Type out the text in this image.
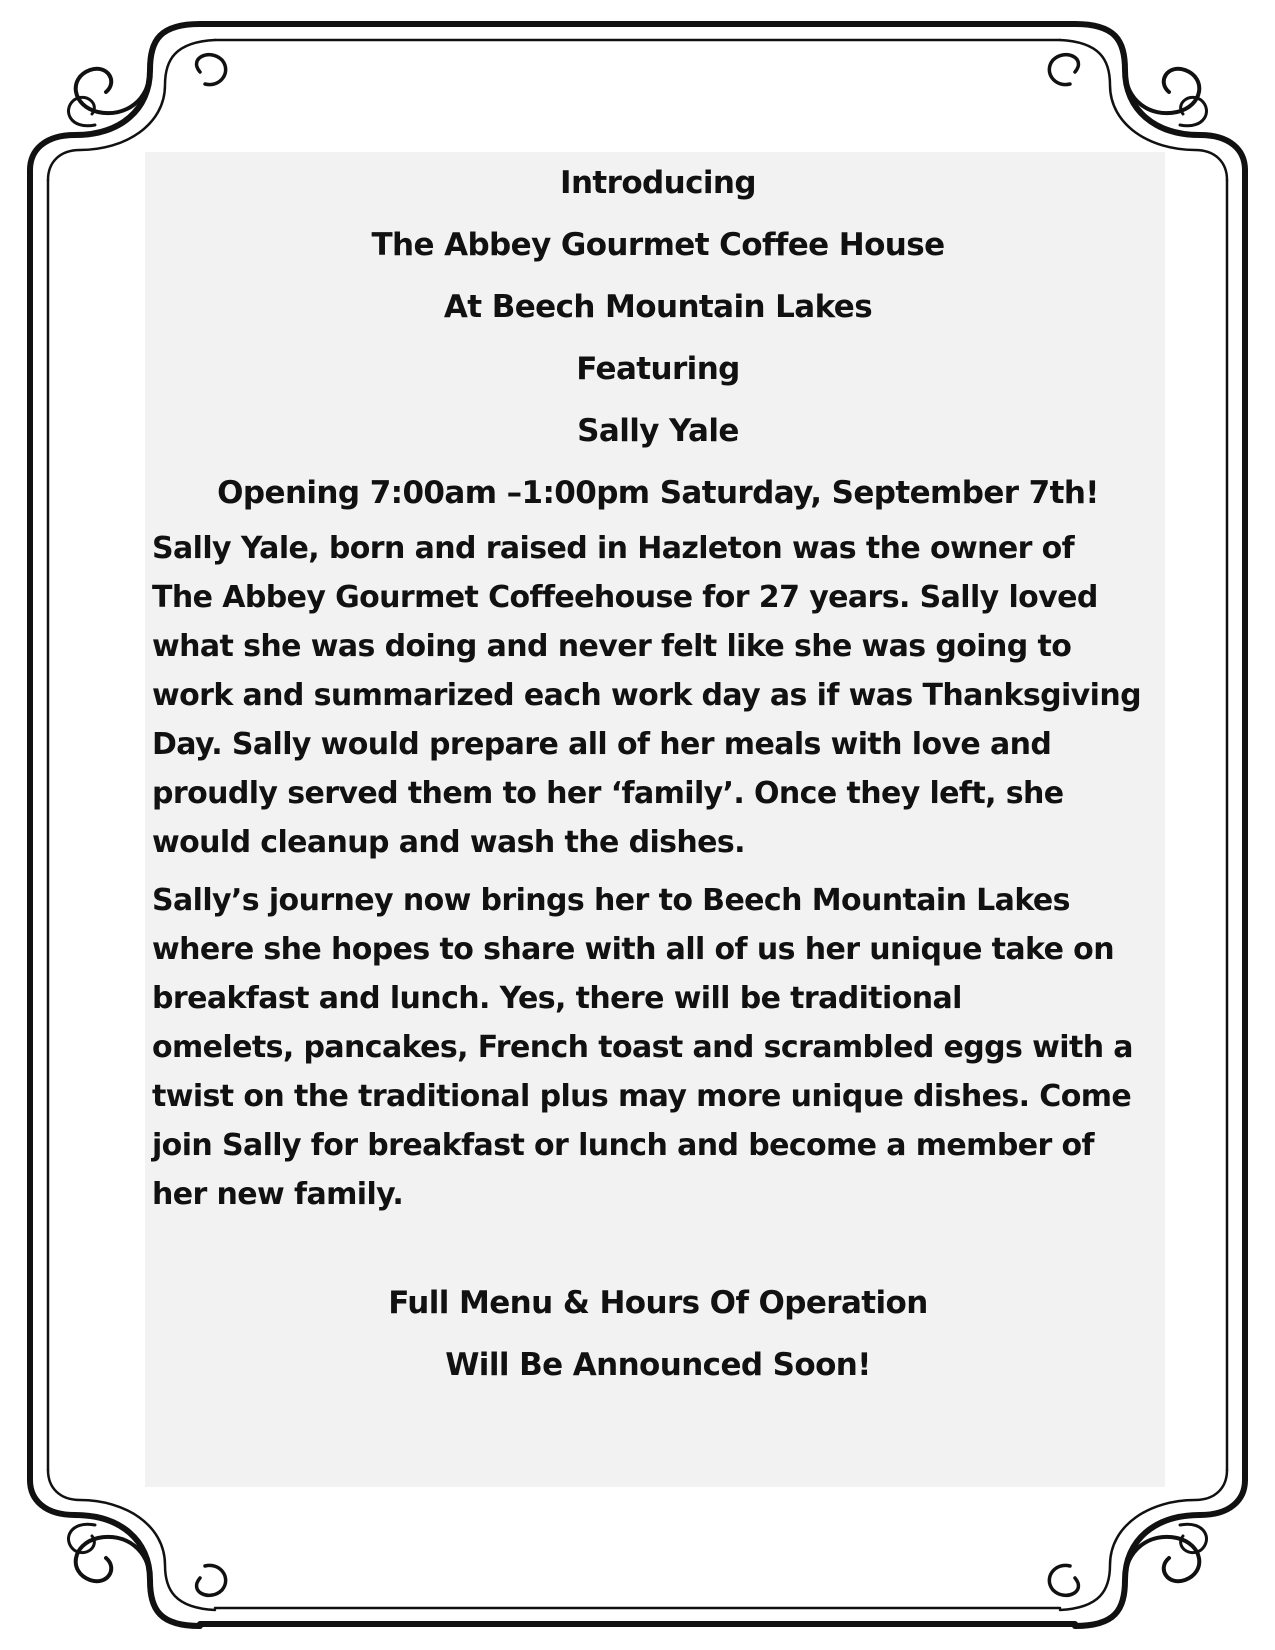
Introducing
The Abbey Gourmet Coffee House
At Beech Mountain Lakes
Featuring
Sally Yale
Opening 7:00am –1:00pm Saturday, September 7th!

Sally Yale, born and raised in Hazleton was the owner of
The Abbey Gourmet Coffeehouse for 27 years. Sally loved
what she was doing and never felt like she was going to
work and summarized each work day as if was Thanksgiving
Day. Sally would prepare all of her meals with love and
proudly served them to her ‘family’. Once they left, she
would cleanup and wash the dishes.

Sally’s journey now brings her to Beech Mountain Lakes
where she hopes to share with all of us her unique take on
breakfast and lunch. Yes, there will be traditional
omelets, pancakes, French toast and scrambled eggs with a
twist on the traditional plus may more unique dishes. Come
join Sally for breakfast or lunch and become a member of
her new family.

Full Menu & Hours Of Operation
Will Be Announced Soon!
